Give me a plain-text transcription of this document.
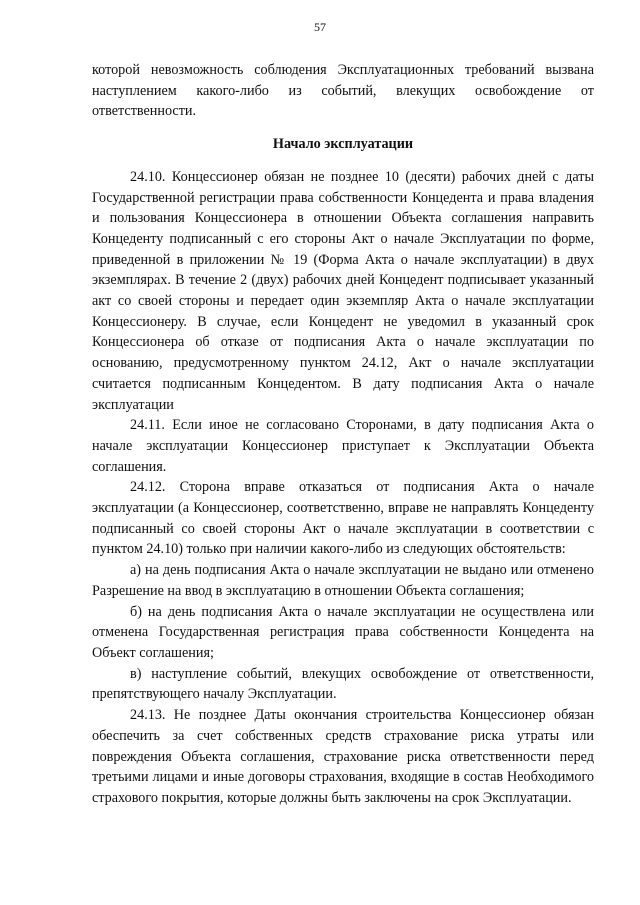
57

которой невозможность соблюдения Эксплуатационных требований вызвана наступлением какого-либо из событий, влекущих освобождение от ответственности.

Начало эксплуатации

24.10. Концессионер обязан не позднее 10 (десяти) рабочих дней с даты Государственной регистрации права собственности Концедента и права владения и пользования Концессионера в отношении Объекта соглашения направить Концеденту подписанный с его стороны Акт о начале Эксплуатации по форме, приведенной в приложении № 19 (Форма Акта о начале эксплуатации) в двух экземплярах. В течение 2 (двух) рабочих дней Концедент подписывает указанный акт со своей стороны и передает один экземпляр Акта о начале эксплуатации Концессионеру. В случае, если Концедент не уведомил в указанный срок Концессионера об отказе от подписания Акта о начале эксплуатации по основанию, предусмотренному пунктом 24.12, Акт о начале эксплуатации считается подписанным Концедентом. В дату подписания Акта о начале эксплуатации

24.11. Если иное не согласовано Сторонами, в дату подписания Акта о начале эксплуатации Концессионер приступает к Эксплуатации Объекта соглашения.

24.12. Сторона вправе отказаться от подписания Акта о начале эксплуатации (а Концессионер, соответственно, вправе не направлять Концеденту подписанный со своей стороны Акт о начале эксплуатации в соответствии с пунктом 24.10) только при наличии какого-либо из следующих обстоятельств:

а) на день подписания Акта о начале эксплуатации не выдано или отменено Разрешение на ввод в эксплуатацию в отношении Объекта соглашения;

б) на день подписания Акта о начале эксплуатации не осуществлена или отменена Государственная регистрация права собственности Концедента на Объект соглашения;

в) наступление событий, влекущих освобождение от ответственности, препятствующего началу Эксплуатации.

24.13. Не позднее Даты окончания строительства Концессионер обязан обеспечить за счет собственных средств страхование риска утраты или повреждения Объекта соглашения, страхование риска ответственности перед третьими лицами и иные договоры страхования, входящие в состав Необходимого страхового покрытия, которые должны быть заключены на срок Эксплуатации.
